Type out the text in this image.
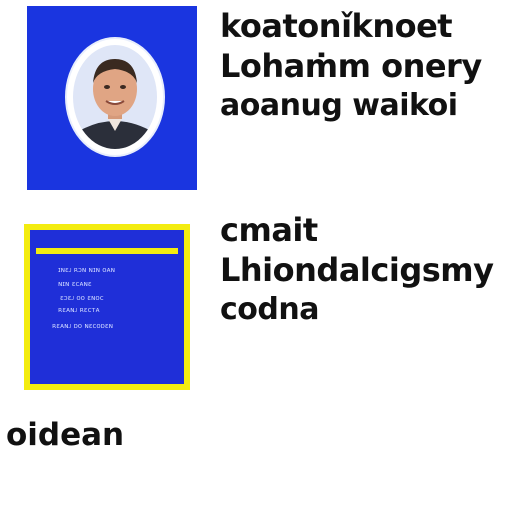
koatonǐknoet
Lohaṁm onery
aoanug waikoi
ɪɴɛᴊ ʀɔɴ ɴɪɴ ᴏᴀɴ
ɴɪɴ ɛᴄᴀɴɛ
ɛɔɛᴊ ᴏᴏ ɛɴᴏᴄ
ʀɛᴀɴᴊ ʀɛᴄᴛᴀ
ʀɛᴀɴᴊ ᴅᴏ ɴɛᴄᴏᴅɛɴ
cmait
Lhiondalcigsmy
codna
oidean
